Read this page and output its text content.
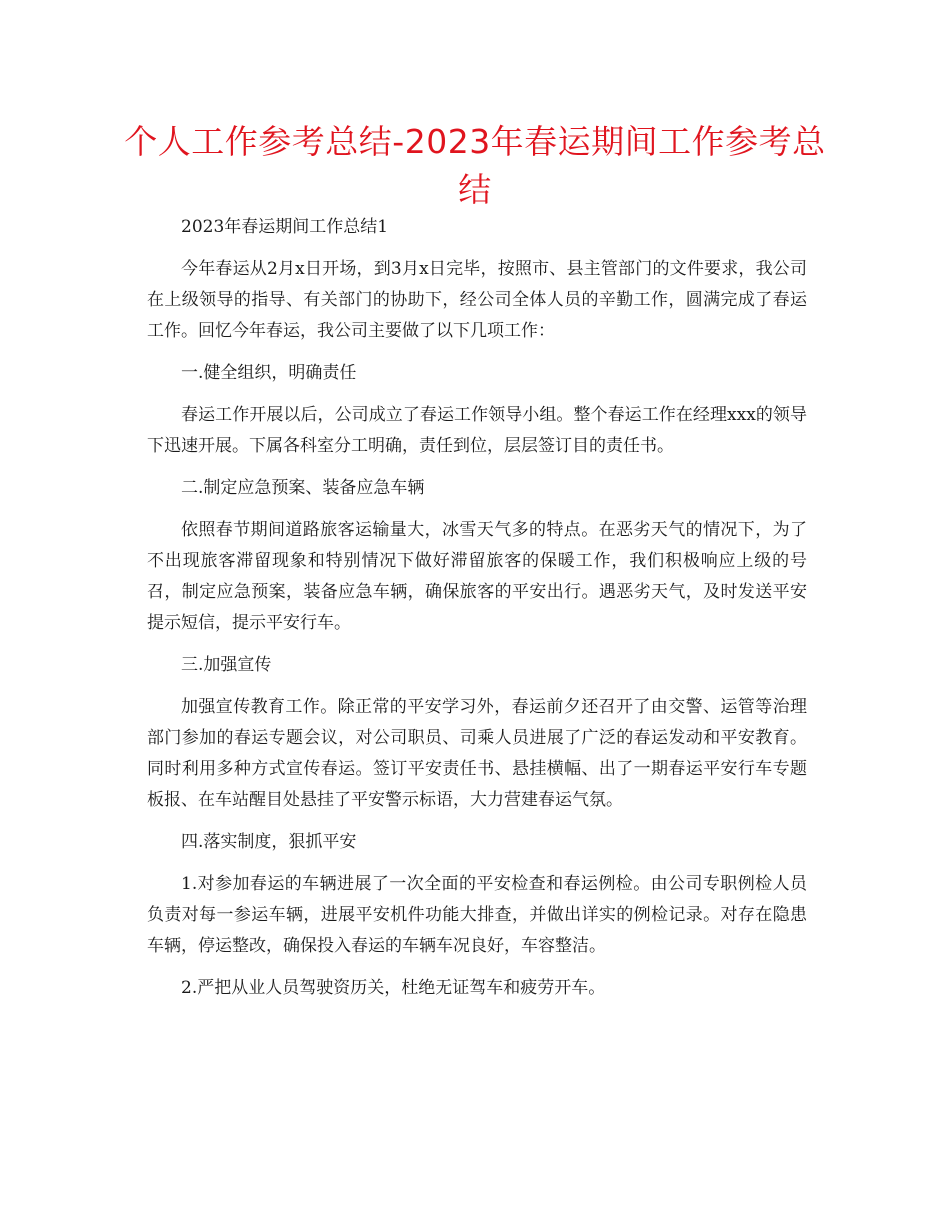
个人工作参考总结-2023年春运期间工作参考总结

2023年春运期间工作总结1

今年春运从2月x日开场，到3月x日完毕，按照市、县主管部门的文件要求，我公司在上级领导的指导、有关部门的协助下，经公司全体人员的辛勤工作，圆满完成了春运工作。回忆今年春运，我公司主要做了以下几项工作：

一.健全组织，明确责任

春运工作开展以后，公司成立了春运工作领导小组。整个春运工作在经理xxx的领导下迅速开展。下属各科室分工明确，责任到位，层层签订目的责任书。

二.制定应急预案、装备应急车辆

依照春节期间道路旅客运输量大，冰雪天气多的特点。在恶劣天气的情况下，为了不出现旅客滞留现象和特别情况下做好滞留旅客的保暖工作，我们积极响应上级的号召，制定应急预案，装备应急车辆，确保旅客的平安出行。遇恶劣天气，及时发送平安提示短信，提示平安行车。

三.加强宣传

加强宣传教育工作。除正常的平安学习外，春运前夕还召开了由交警、运管等治理部门参加的春运专题会议，对公司职员、司乘人员进展了广泛的春运发动和平安教育。同时利用多种方式宣传春运。签订平安责任书、悬挂横幅、出了一期春运平安行车专题板报、在车站醒目处悬挂了平安警示标语，大力营建春运气氛。

四.落实制度，狠抓平安

1.对参加春运的车辆进展了一次全面的平安检查和春运例检。由公司专职例检人员负责对每一参运车辆，进展平安机件功能大排查，并做出详实的例检记录。对存在隐患车辆，停运整改，确保投入春运的车辆车况良好，车容整洁。

2.严把从业人员驾驶资历关，杜绝无证驾车和疲劳开车。
